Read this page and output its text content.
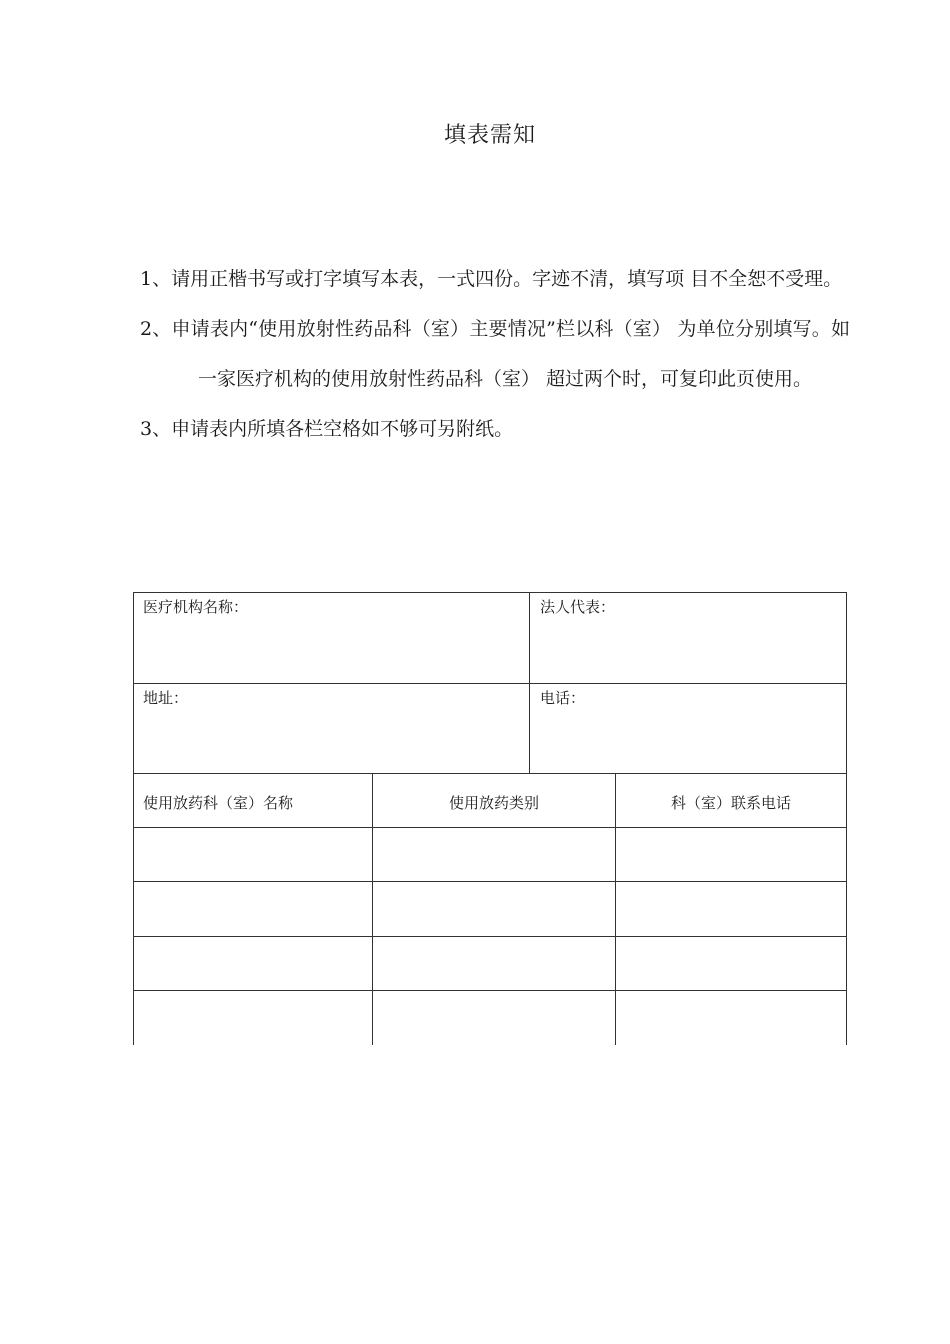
填表需知

1、请用正楷书写或打字填写本表，一式四份。字迹不清，填写项 目不全恕不受理。

2、申请表内“使用放射性药品科（室）主要情况”栏以科（室） 为单位分别填写。如一家医疗机构的使用放射性药品科（室） 超过两个时，可复印此页使用。

3、申请表内所填各栏空格如不够可另附纸。

医疗机构名称：	法人代表：
地址：	电话：
使用放药科（室）名称	使用放药类别	科（室）联系电话
